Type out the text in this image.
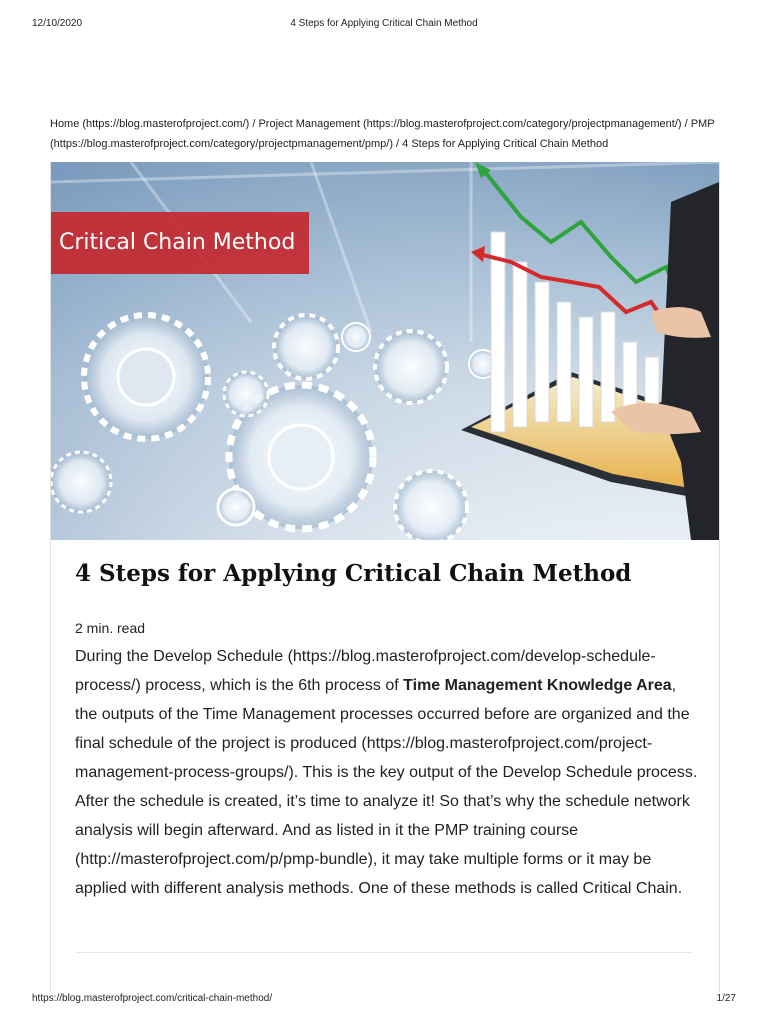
12/10/2020	4 Steps for Applying Critical Chain Method
Home (https://blog.masterofproject.com/) / Project Management (https://blog.masterofproject.com/category/projectpmanagement/) / PMP (https://blog.masterofproject.com/category/projectpmanagement/pmp/) / 4 Steps for Applying Critical Chain Method
Critical Chain Method
4 Steps for Applying Critical Chain Method
2 min. read

During the Develop Schedule (https://blog.masterofproject.com/develop-schedule-process/) process, which is the 6th process of Time Management Knowledge Area, the outputs of the Time Management processes occurred before are organized and the final schedule of the project is produced (https://blog.masterofproject.com/project-management-process-groups/). This is the key output of the Develop Schedule process. After the schedule is created, it’s time to analyze it! So that’s why the schedule network analysis will begin afterward. And as listed in it the PMP training course (http://masterofproject.com/p/pmp-bundle), it may take multiple forms or it may be applied with different analysis methods. One of these methods is called Critical Chain.

https://blog.masterofproject.com/critical-chain-method/	1/27
